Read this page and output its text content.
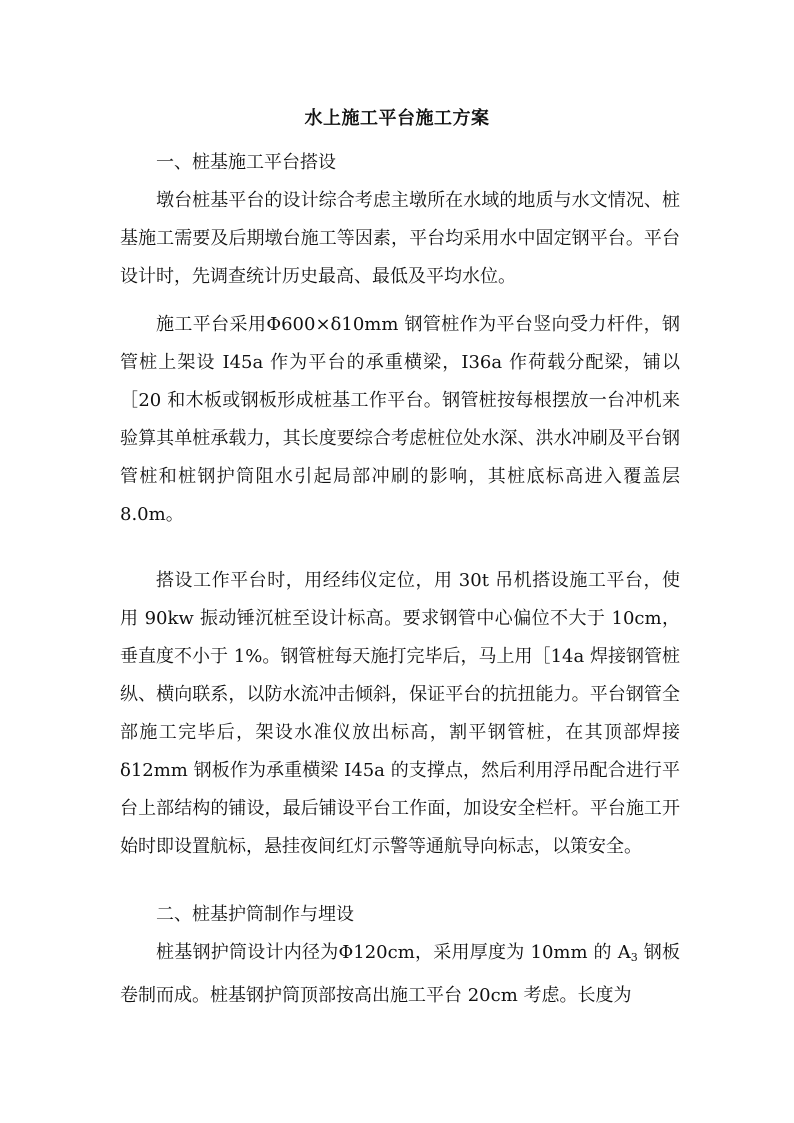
水上施工平台施工方案
一、桩基施工平台搭设

墩台桩基平台的设计综合考虑主墩所在水域的地质与水文情况、桩基施工需要及后期墩台施工等因素，平台均采用水中固定钢平台。平台设计时，先调查统计历史最高、最低及平均水位。

施工平台采用Φ600×δ10mm 钢管桩作为平台竖向受力杆件，钢管桩上架设 I45a 作为平台的承重横梁，I36a 作荷载分配梁，铺以［20 和木板或钢板形成桩基工作平台。钢管桩按每根摆放一台冲机来验算其单桩承载力，其长度要综合考虑桩位处水深、洪水冲刷及平台钢管桩和桩钢护筒阻水引起局部冲刷的影响，其桩底标高进入覆盖层 8.0m。

搭设工作平台时，用经纬仪定位，用 30t 吊机搭设施工平台，使用 90kw 振动锤沉桩至设计标高。要求钢管中心偏位不大于 10cm，垂直度不小于 1%。钢管桩每天施打完毕后，马上用［14a 焊接钢管桩纵、横向联系，以防水流冲击倾斜，保证平台的抗扭能力。平台钢管全部施工完毕后，架设水准仪放出标高，割平钢管桩，在其顶部焊接δ12mm 钢板作为承重横梁 I45a 的支撑点，然后利用浮吊配合进行平台上部结构的铺设，最后铺设平台工作面，加设安全栏杆。平台施工开始时即设置航标，悬挂夜间红灯示警等通航导向标志，以策安全。

二、桩基护筒制作与埋设

桩基钢护筒设计内径为Φ120cm，采用厚度为 10mm 的 $A_3$ 钢板卷制而成。桩基钢护筒顶部按高出施工平台 20cm 考虑。长度为
